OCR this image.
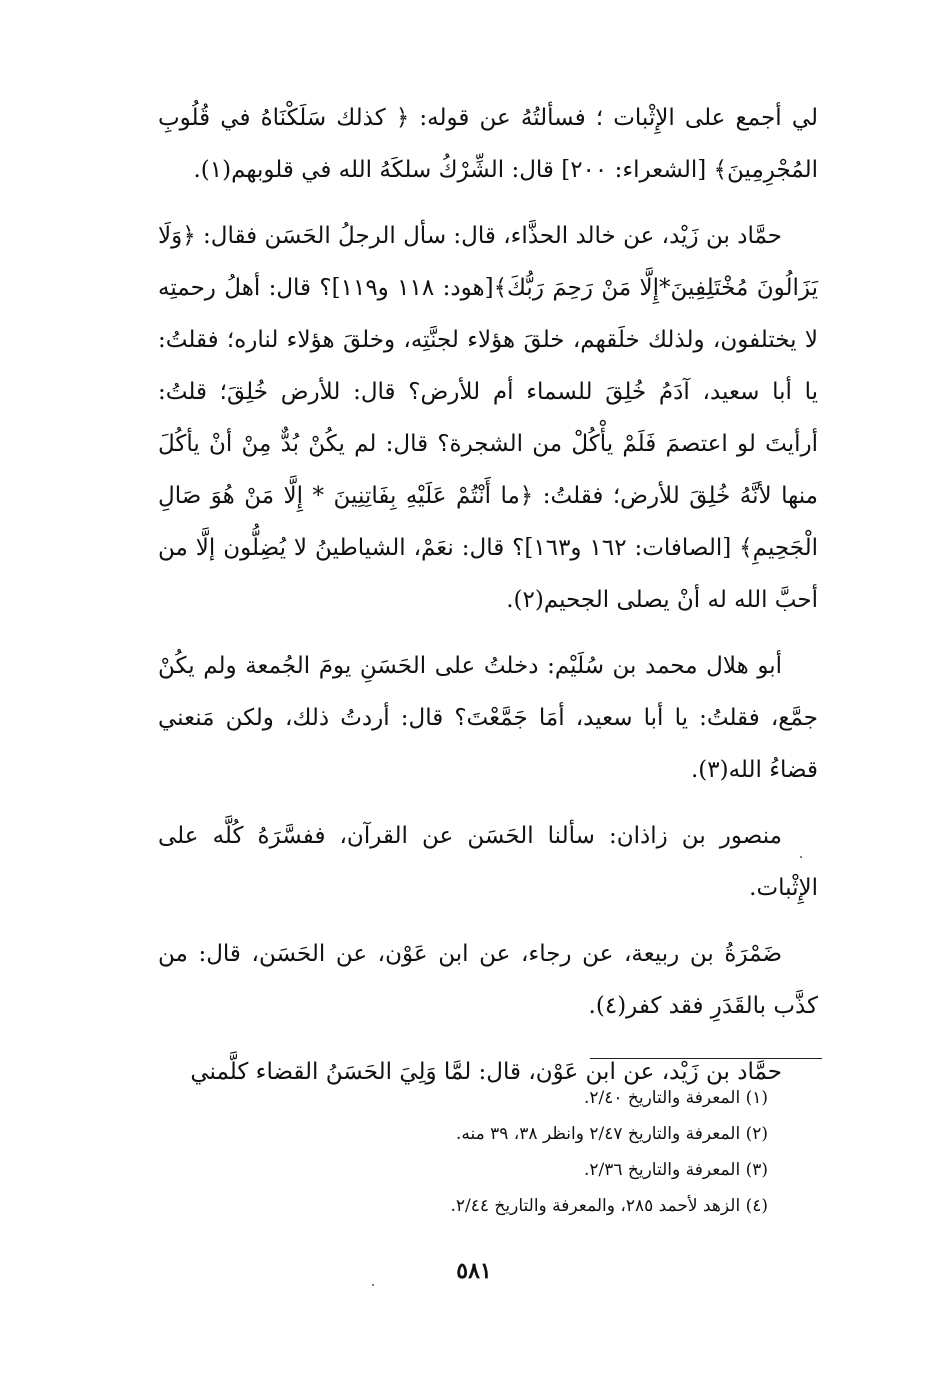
لي أجمع على الإِثْبات ؛ فسألتُهُ عن قوله: ﴿ كذلك سَلَكْنَاهُ في قُلُوبِ المُجْرِمِينَ﴾ [الشعراء: ٢٠٠] قال: الشِّرْكُ سلكَهُ الله في قلوبهم(١).

حمَّاد بن زَيْد، عن خالد الحذَّاء، قال: سأل الرجلُ الحَسَن فقال: ﴿وَلَا يَزَالُونَ مُخْتَلِفِينَ*إِلَّا مَنْ رَحِمَ رَبُّكَ﴾[هود: ١١٨ و١١٩]؟ قال: أهلُ رحمتِه لا يختلفون، ولذلك خلَقهم، خلقَ هؤلاء لجنَّتِه، وخلقَ هؤلاء لناره؛ فقلتُ: يا أبا سعيد، آدَمُ خُلِقَ للسماء أم للأرض؟ قال: للأرض خُلِقَ؛ قلتُ: أرأيتَ لو اعتصمَ فَلَمْ يأْكُلْ من الشجرة؟ قال: لم يكُنْ بُدٌّ مِنْ أنْ يأكُلَ منها لأنَّهُ خُلِقَ للأرض؛ فقلتُ: ﴿ما أَنْتُمْ عَلَيْهِ بِفَاتِنِينَ * إِلَّا مَنْ هُوَ صَالِ الْجَحِيمِ﴾ [الصافات: ١٦٢ و١٦٣]؟ قال: نعَمْ، الشياطينُ لا يُضِلُّون إلَّا من أحبَّ الله له أنْ يصلى الجحيم(٢).

أبو هلال محمد بن سُلَيْم: دخلتُ على الحَسَنِ يومَ الجُمعة ولم يكُنْ جمَّع، فقلتُ: يا أبا سعيد، أمَا جَمَّعْتَ؟ قال: أردتُ ذلك، ولكن مَنعني قضاءُ الله(٣).

منصور بن زاذان: سألنا الحَسَن عن القرآن، ففسَّرَهُ كُلَّه على الإِثْبات.

ضَمْرَةُ بن ربيعة، عن رجاء، عن ابن عَوْن، عن الحَسَن، قال: من كذَّب بالقَدَرِ فقد كفر(٤).

حمَّاد بن زَيْد، عن ابن عَوْن، قال: لمَّا وَلِيَ الحَسَنُ القضاء كلَّمني

(١) المعرفة والتاريخ ٢/٤٠.

(٢) المعرفة والتاريخ ٢/٤٧ وانظر ٣٨، ٣٩ منه.

(٣) المعرفة والتاريخ ٢/٣٦.

(٤) الزهد لأحمد ٢٨٥، والمعرفة والتاريخ ٢/٤٤.

٥٨١
